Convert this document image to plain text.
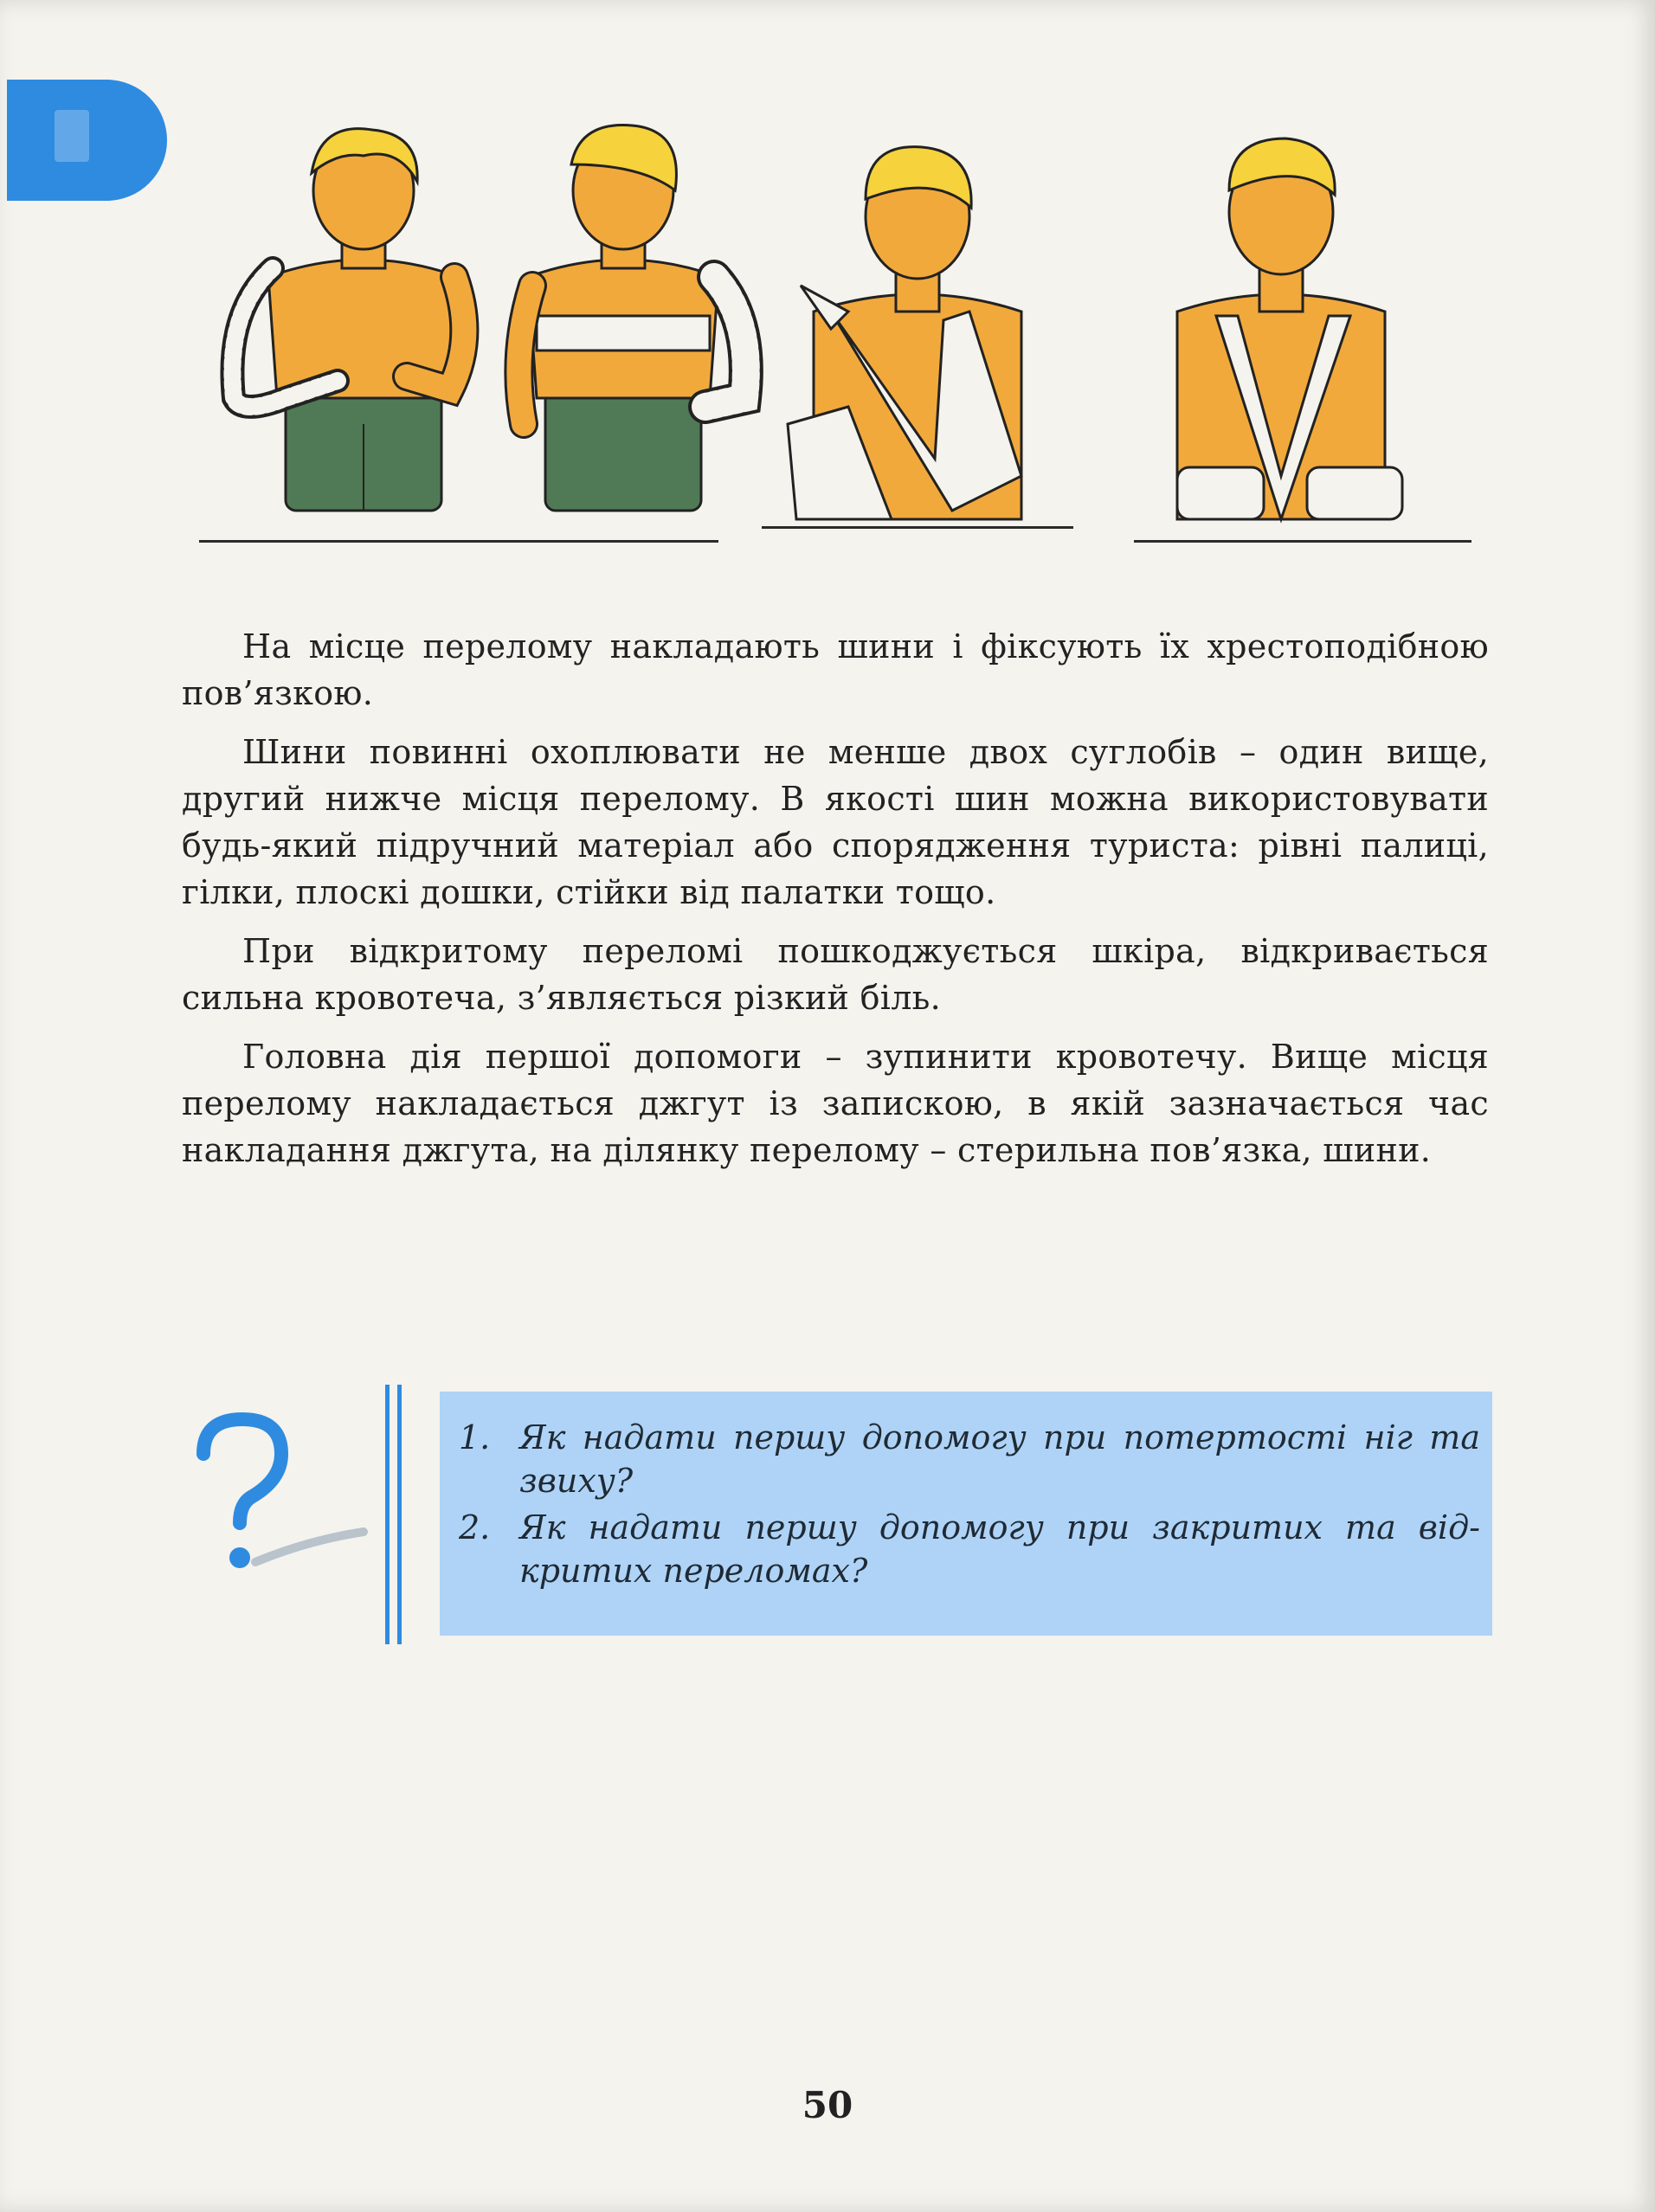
На місце перелому накладають шини і фіксують їх хрестоподібною пов’язкою.

Шини повинні охоплювати не менше двох суглобів – один вище, другий нижче місця перелому. В якості шин можна використовувати будь-який підручний матеріал або спорядження туриста: рівні палиці, гілки, плоскі дошки, стійки від палатки тощо.

При відкритому переломі пошкоджується шкіра, відкривається сильна кровотеча, з’являється різкий біль.

Головна дія першої допомоги – зупинити кровотечу. Вище місця перелому накладається джгут із запискою, в якій зазначається час накладання джгута, на ділянку перелому – стерильна пов’язка, шини.

1. Як надати першу допомогу при потертості ніг та звиху?
2. Як надати першу допомогу при закритих та відкритих переломах?
50
